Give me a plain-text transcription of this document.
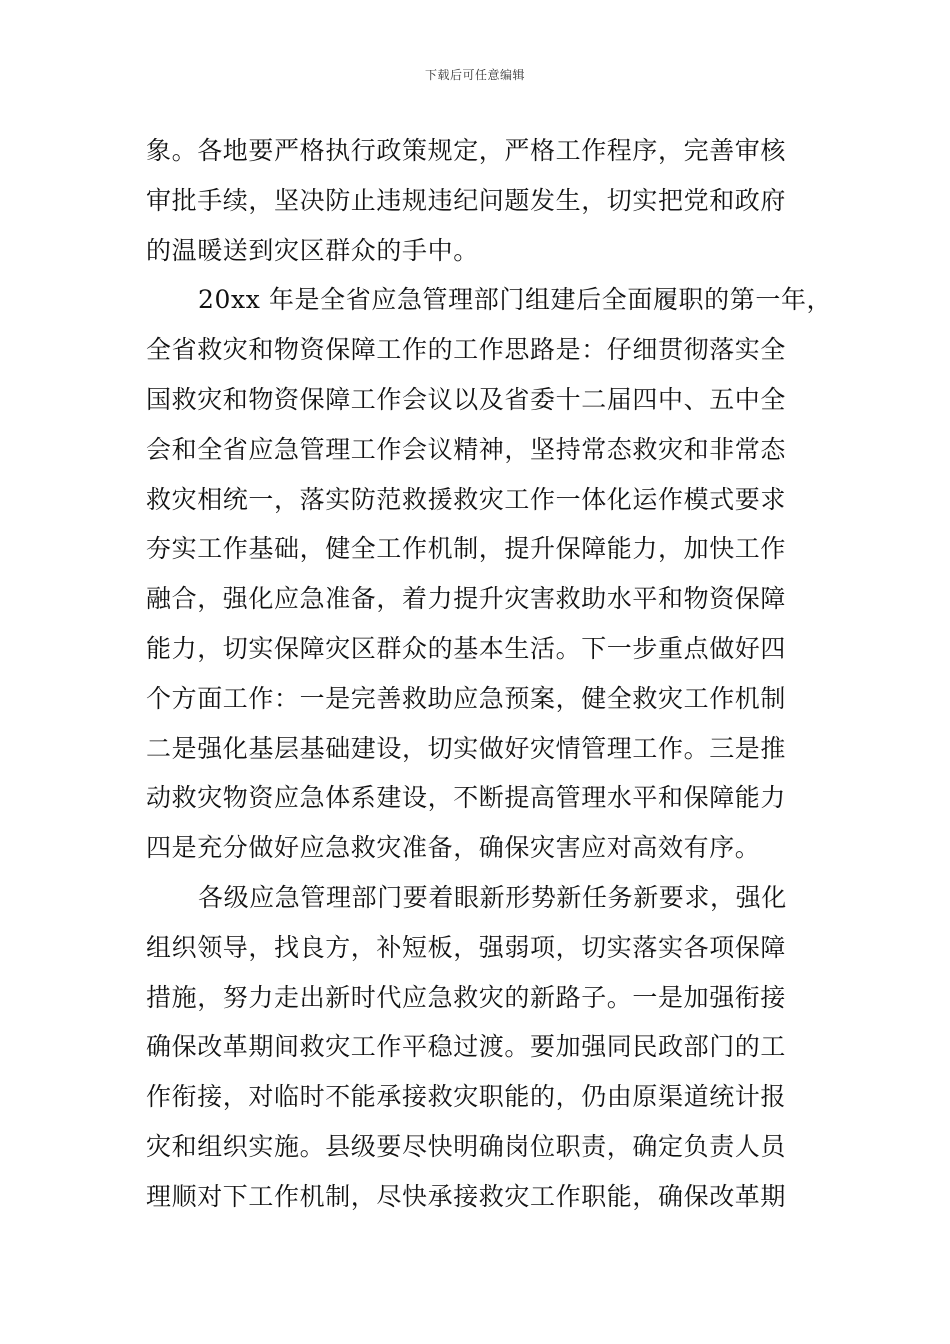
下载后可任意编辑
象。各地要严格执行政策规定，严格工作程序，完善审核
审批手续，坚决防止违规违纪问题发生，切实把党和政府
的温暖送到灾区群众的手中。
20xx 年是全省应急管理部门组建后全面履职的第一年，
全省救灾和物资保障工作的工作思路是：仔细贯彻落实全
国救灾和物资保障工作会议以及省委十二届四中、五中全
会和全省应急管理工作会议精神，坚持常态救灾和非常态
救灾相统一，落实防范救援救灾工作一体化运作模式要求
夯实工作基础，健全工作机制，提升保障能力，加快工作
融合，强化应急准备，着力提升灾害救助水平和物资保障
能力，切实保障灾区群众的基本生活。下一步重点做好四
个方面工作：一是完善救助应急预案，健全救灾工作机制
二是强化基层基础建设，切实做好灾情管理工作。三是推
动救灾物资应急体系建设，不断提高管理水平和保障能力
四是充分做好应急救灾准备，确保灾害应对高效有序。
各级应急管理部门要着眼新形势新任务新要求，强化
组织领导，找良方，补短板，强弱项，切实落实各项保障
措施，努力走出新时代应急救灾的新路子。一是加强衔接
确保改革期间救灾工作平稳过渡。要加强同民政部门的工
作衔接，对临时不能承接救灾职能的，仍由原渠道统计报
灾和组织实施。县级要尽快明确岗位职责，确定负责人员
理顺对下工作机制，尽快承接救灾工作职能，确保改革期
